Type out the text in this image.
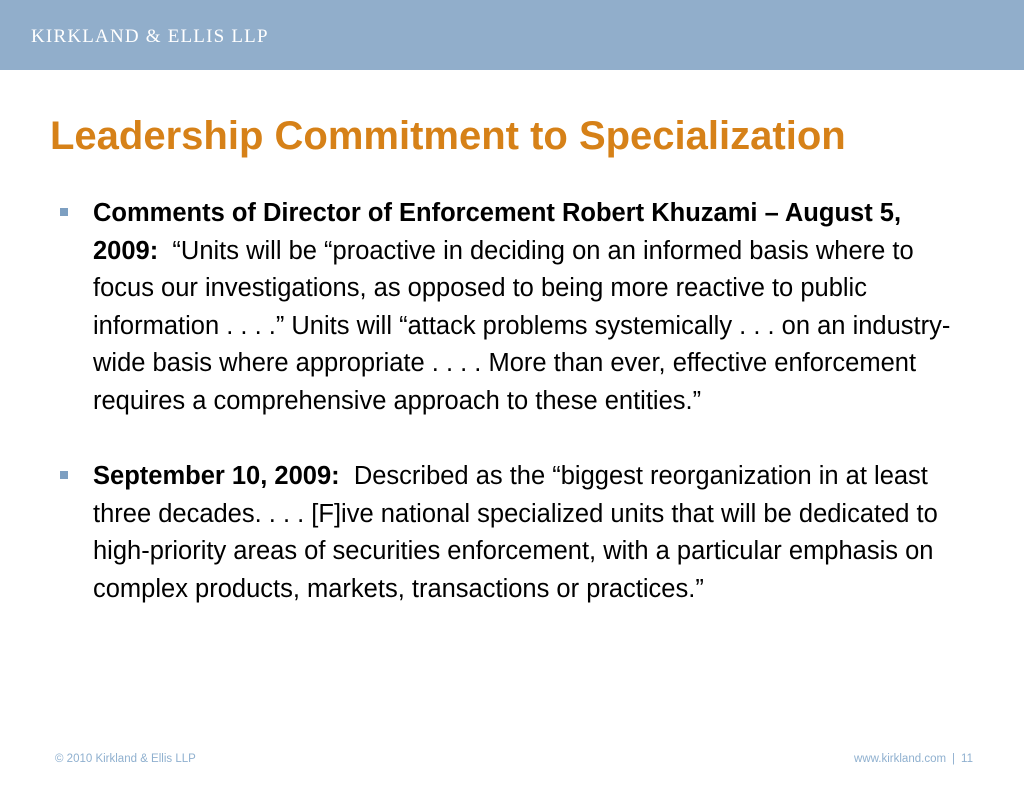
KIRKLAND & ELLIS LLP
Leadership Commitment to Specialization
Comments of Director of Enforcement Robert Khuzami – August 5, 2009: “Units will be “proactive in deciding on an informed basis where to focus our investigations, as opposed to being more reactive to public information . . . .” Units will “attack problems systemically . . . on an industry-wide basis where appropriate . . . . More than ever, effective enforcement requires a comprehensive approach to these entities.”
September 10, 2009: Described as the “biggest reorganization in at least three decades. . . . [F]ive national specialized units that will be dedicated to high-priority areas of securities enforcement, with a particular emphasis on complex products, markets, transactions or practices.”
© 2010 Kirkland & Ellis LLP	www.kirkland.com | 11
